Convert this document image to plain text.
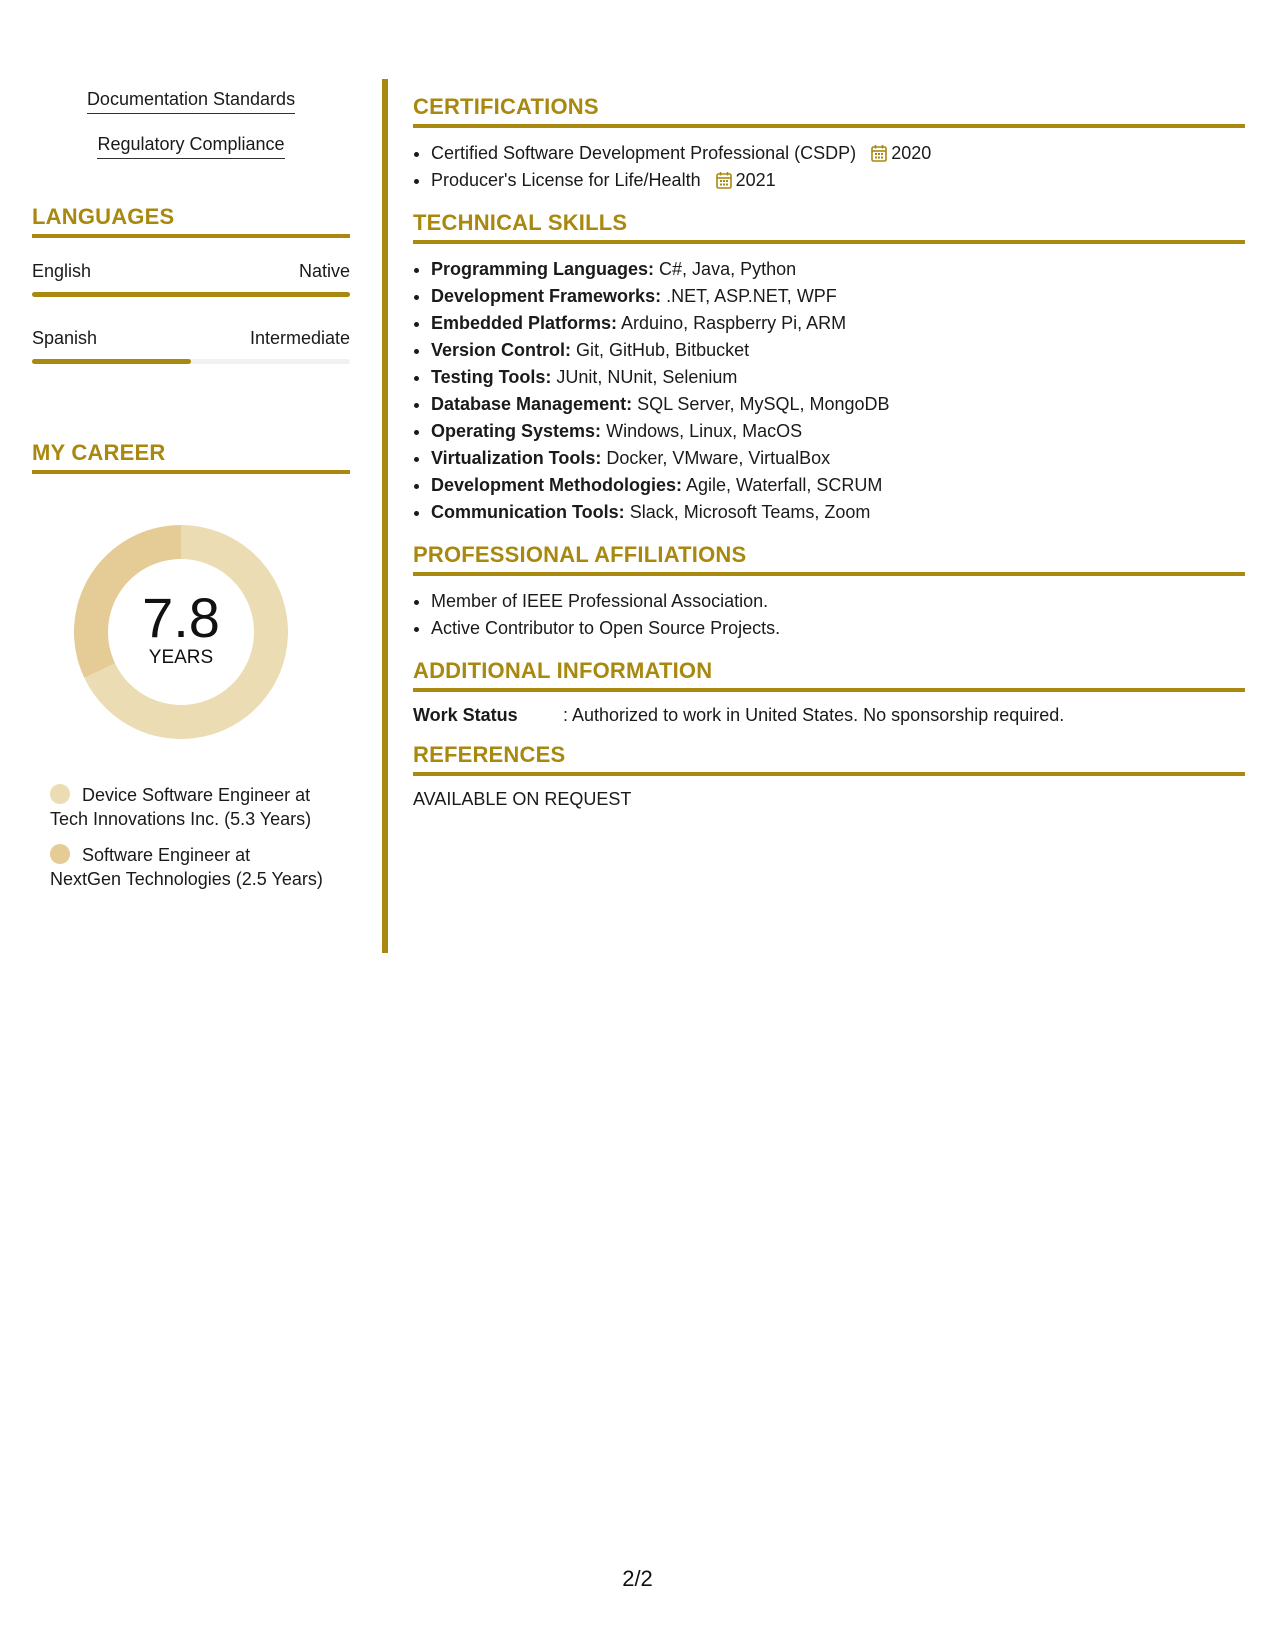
Documentation Standards
Regulatory Compliance
LANGUAGES
English	Native
Spanish	Intermediate
MY CAREER
7.8
YEARS
Device Software Engineer at Tech Innovations Inc. (5.3 Years)
Software Engineer at NextGen Technologies (2.5 Years)
CERTIFICATIONS
• Certified Software Development Professional (CSDP) 2020
• Producer's License for Life/Health 2021
TECHNICAL SKILLS
• Programming Languages: C#, Java, Python
• Development Frameworks: .NET, ASP.NET, WPF
• Embedded Platforms: Arduino, Raspberry Pi, ARM
• Version Control: Git, GitHub, Bitbucket
• Testing Tools: JUnit, NUnit, Selenium
• Database Management: SQL Server, MySQL, MongoDB
• Operating Systems: Windows, Linux, MacOS
• Virtualization Tools: Docker, VMware, VirtualBox
• Development Methodologies: Agile, Waterfall, SCRUM
• Communication Tools: Slack, Microsoft Teams, Zoom
PROFESSIONAL AFFILIATIONS
• Member of IEEE Professional Association.
• Active Contributor to Open Source Projects.
ADDITIONAL INFORMATION
Work Status	: Authorized to work in United States. No sponsorship required.
REFERENCES
AVAILABLE ON REQUEST
2/2
